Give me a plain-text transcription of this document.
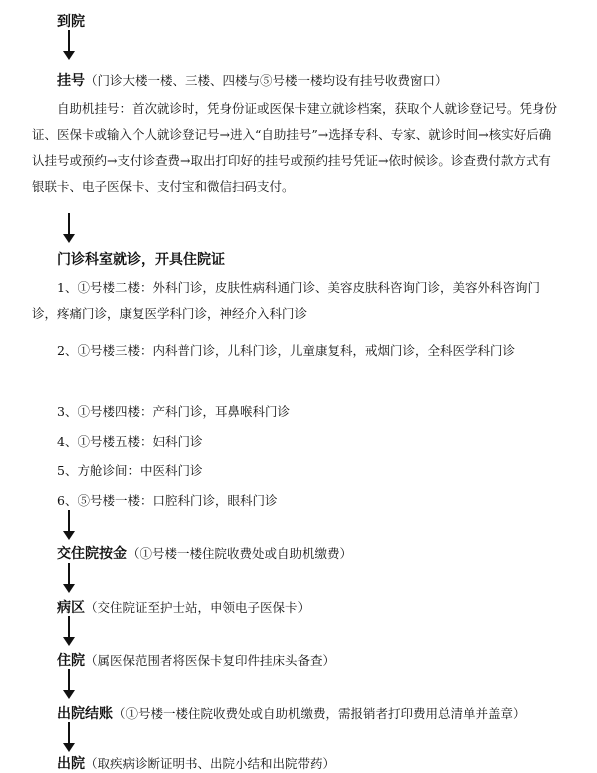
到院
挂号（门诊大楼一楼、三楼、四楼与⑤号楼一楼均设有挂号收费窗口）
自助机挂号：首次就诊时，凭身份证或医保卡建立就诊档案，获取个人就诊登记号。凭身份证、医保卡或输入个人就诊登记号→进入“自助挂号”→选择专科、专家、就诊时间→核实好后确认挂号或预约→支付诊查费→取出打印好的挂号或预约挂号凭证→依时候诊。诊查费付款方式有银联卡、电子医保卡、支付宝和微信扫码支付。
门诊科室就诊，开具住院证
1、①号楼二楼：外科门诊，皮肤性病科通门诊、美容皮肤科咨询门诊，美容外科咨询门诊，疼痛门诊，康复医学科门诊，神经介入科门诊
2、①号楼三楼：内科普门诊，儿科门诊，儿童康复科，戒烟门诊，全科医学科门诊
3、①号楼四楼：产科门诊，耳鼻喉科门诊
4、①号楼五楼：妇科门诊
5、方舱诊间：中医科门诊
6、⑤号楼一楼：口腔科门诊，眼科门诊
交住院按金（①号楼一楼住院收费处或自助机缴费）
病区（交住院证至护士站，申领电子医保卡）
住院（属医保范围者将医保卡复印件挂床头备查）
出院结账（①号楼一楼住院收费处或自助机缴费，需报销者打印费用总清单并盖章）
出院（取疾病诊断证明书、出院小结和出院带药）
